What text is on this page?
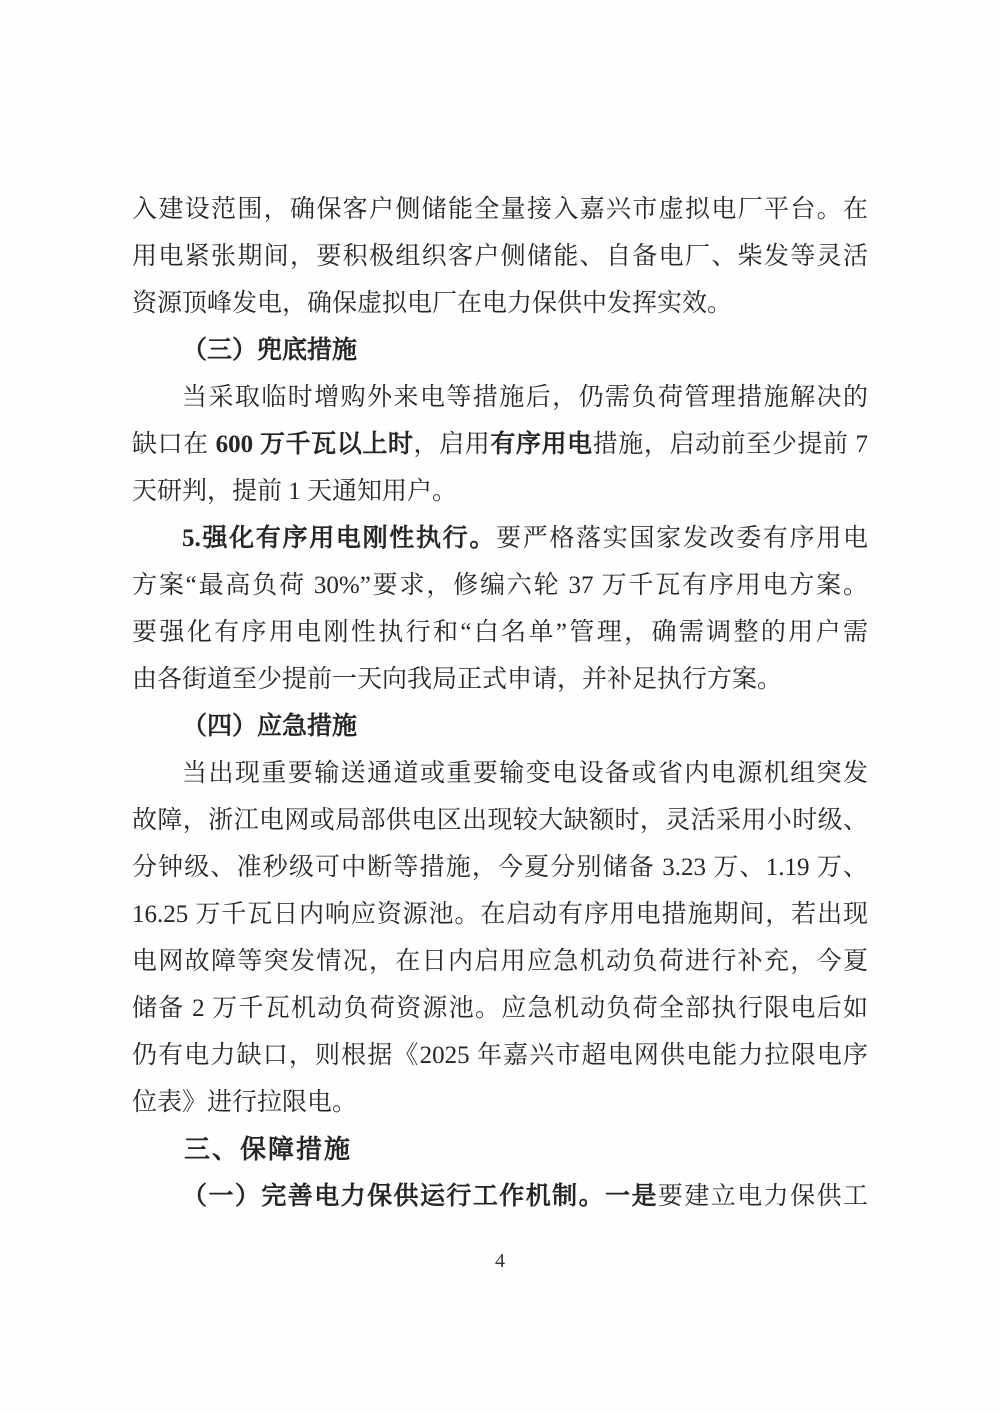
入建设范围，确保客户侧储能全量接入嘉兴市虚拟电厂平台。在
用电紧张期间，要积极组织客户侧储能、自备电厂、柴发等灵活
资源顶峰发电，确保虚拟电厂在电力保供中发挥实效。
（三）兜底措施
当采取临时增购外来电等措施后，仍需负荷管理措施解决的
缺口在 600 万千瓦以上时，启用有序用电措施，启动前至少提前 7
天研判，提前 1 天通知用户。
5.强化有序用电刚性执行。要严格落实国家发改委有序用电
方案“最高负荷 30%”要求，修编六轮 37 万千瓦有序用电方案。
要强化有序用电刚性执行和“白名单”管理，确需调整的用户需
由各街道至少提前一天向我局正式申请，并补足执行方案。
（四）应急措施
当出现重要输送通道或重要输变电设备或省内电源机组突发
故障，浙江电网或局部供电区出现较大缺额时，灵活采用小时级、
分钟级、准秒级可中断等措施，今夏分别储备 3.23 万、1.19 万、
16.25 万千瓦日内响应资源池。在启动有序用电措施期间，若出现
电网故障等突发情况，在日内启用应急机动负荷进行补充，今夏
储备 2 万千瓦机动负荷资源池。应急机动负荷全部执行限电后如
仍有电力缺口，则根据《2025 年嘉兴市超电网供电能力拉限电序
位表》进行拉限电。
三、保障措施
（一）完善电力保供运行工作机制。一是要建立电力保供工
4
